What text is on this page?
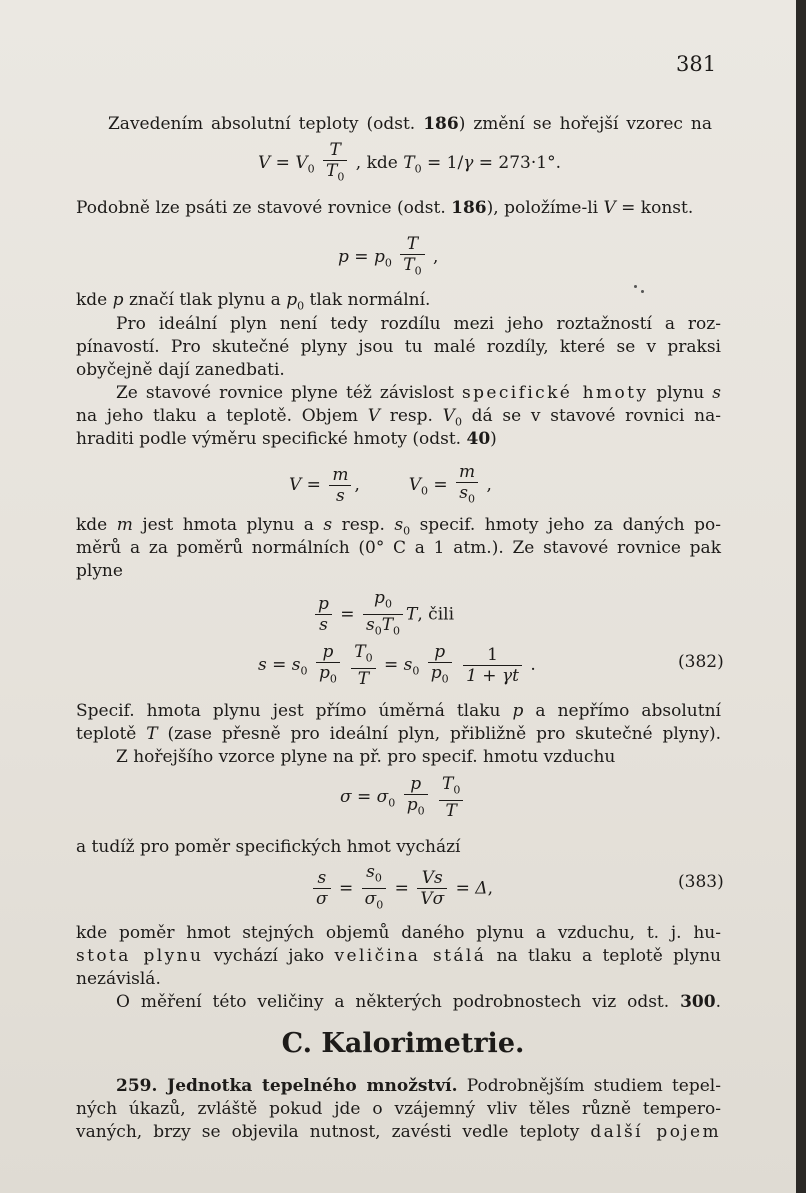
381
Zavedením absolutní teploty (odst. 186) změní se hořejší vzorec na
$V = V_0 \frac{T}{T_0}$ , kde $T_0 = 1/\gamma = 273\cdot 1^\circ$.
Podobně lze psáti ze stavové rovnice (odst. 186), položíme-li V = konst.
$p = p_0 \frac{T}{T_0}$ ,
kde p značí tlak plynu a $p_0$ tlak normální.
Pro ideální plyn není tedy rozdílu mezi jeho roztažností a roz-
pínavostí. Pro skutečné plyny jsou tu malé rozdíly, které se v praksi
obyčejně dají zanedbati.
Ze stavové rovnice plyne též závislost specifické hmoty plynu s
na jeho tlaku a teplotě. Objem V resp. $V_0$ dá se v stavové rovnici na-
hraditi podle výměru specifické hmoty (odst. 40)
$V = \frac{m}{s}$ ,	$V_0 = \frac{m}{s_0}$ ,
kde m jest hmota plynu a s resp. $s_0$ specif. hmoty jeho za daných po-
měrů a za poměrů normálních (0° C a 1 atm.). Ze stavové rovnice pak
plyne
$\frac{p}{s} = \frac{p_0}{s_0T_0} T$, čili
$s = s_0 \frac{p}{p_0}$
$\frac{T_0}{T} = s_0 \frac{p}{p_0}$
$\frac{1}{1 + \gamma t}$ .	(382)
Specif. hmota plynu jest přímo úměrná tlaku p a nepřímo absolutní
teplotě T (zase přesně pro ideální plyn, přibližně pro skutečné plyny).
Z hořejšího vzorce plyne na př. pro specif. hmotu vzduchu
$\sigma = \sigma_0 \frac{p}{p_0}$
$\frac{T_0}{T}$
a tudíž pro poměr specifických hmot vychází
$\frac{s}{\sigma} = \frac{s_0}{\sigma_0} = \frac{Vs}{V\sigma} = \Delta$,	(383)
kde poměr hmot stejných objemů daného plynu a vzduchu, t. j. hu-
stota plynu vychází jako veličina stálá na tlaku a teplotě plynu
nezávislá.
O měření této veličiny a některých podrobnostech viz odst. 300.
C. Kalorimetrie.
259. Jednotka tepelného množství. Podrobnějším studiem tepel-
ných úkazů, zvláště pokud jde o vzájemný vliv těles různě tempero-
vaných, brzy se objevila nutnost, zavésti vedle teploty další pojem
